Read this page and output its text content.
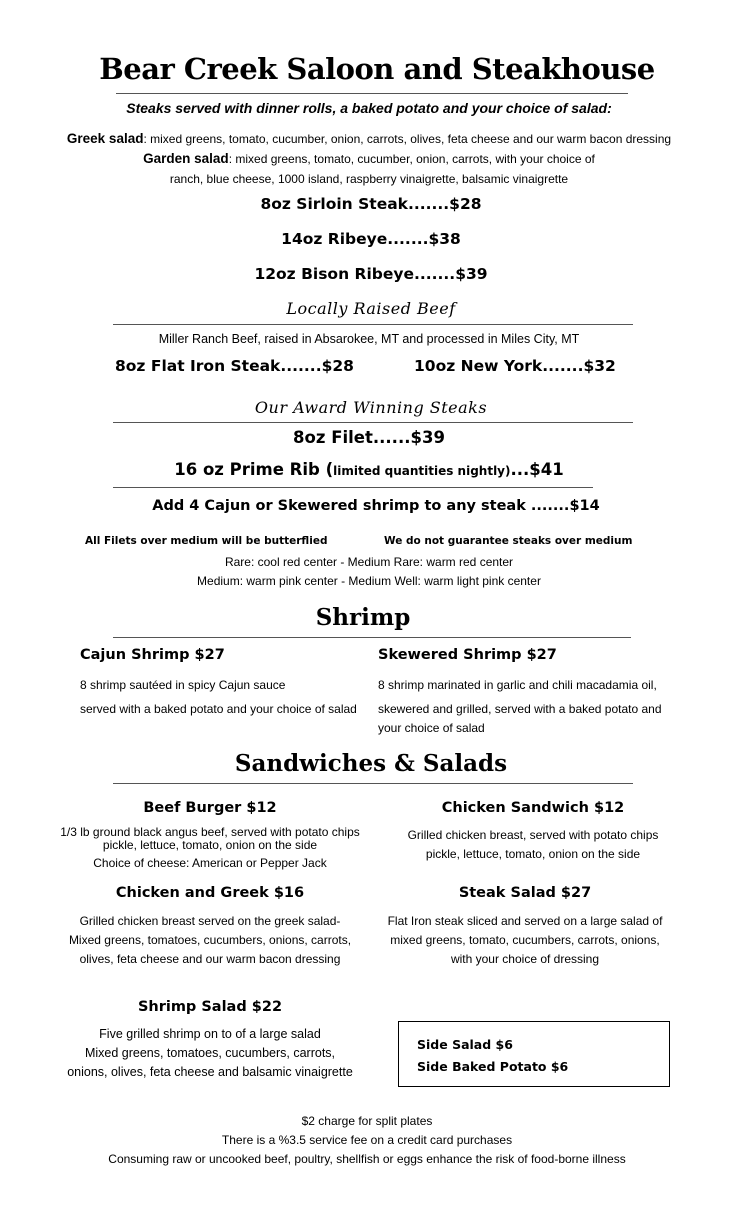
Bear Creek Saloon and Steakhouse
Steaks served with dinner rolls, a baked potato and your choice of salad:
Greek salad: mixed greens, tomato, cucumber, onion, carrots, olives, feta cheese and our warm bacon dressing
Garden salad: mixed greens, tomato, cucumber, onion, carrots, with your choice of
ranch, blue cheese, 1000 island, raspberry vinaigrette, balsamic vinaigrette
8oz Sirloin Steak.......$28
14oz Ribeye.......$38
12oz Bison Ribeye.......$39
Locally Raised Beef
Miller Ranch Beef, raised in Absarokee, MT and processed in Miles City, MT
8oz Flat Iron Steak.......$28	10oz New York.......$32
Our Award Winning Steaks
8oz Filet......$39
16 oz Prime Rib (limited quantities nightly)...$41
Add 4 Cajun or Skewered shrimp to any steak .......$14
All Filets over medium will be butterflied	We do not guarantee steaks over medium
Rare: cool red center - Medium Rare: warm red center
Medium: warm pink center - Medium Well: warm light pink center
Shrimp
Cajun Shrimp $27
8 shrimp sautéed in spicy Cajun sauce
served with a baked potato and your choice of salad
Skewered Shrimp $27
8 shrimp marinated in garlic and chili macadamia oil,
skewered and grilled, served with a baked potato and
your choice of salad
Sandwiches & Salads
Beef Burger $12
1/3 lb ground black angus beef, served with potato chips
pickle, lettuce, tomato, onion on the side
Choice of cheese: American or Pepper Jack
Chicken Sandwich $12
Grilled chicken breast, served with potato chips
pickle, lettuce, tomato, onion on the side
Chicken and Greek $16
Grilled chicken breast served on the greek salad-
Mixed greens, tomatoes, cucumbers, onions, carrots,
olives, feta cheese and our warm bacon dressing
Steak Salad $27
Flat Iron steak sliced and served on a large salad of
mixed greens, tomato, cucumbers, carrots, onions,
with your choice of dressing
Shrimp Salad $22
Five grilled shrimp on to of a large salad
Mixed greens, tomatoes, cucumbers, carrots,
onions, olives, feta cheese and balsamic vinaigrette
Side Salad $6
Side Baked Potato $6
$2 charge for split plates
There is a %3.5 service fee on a credit card purchases
Consuming raw or uncooked beef, poultry, shellfish or eggs enhance the risk of food-borne illness
